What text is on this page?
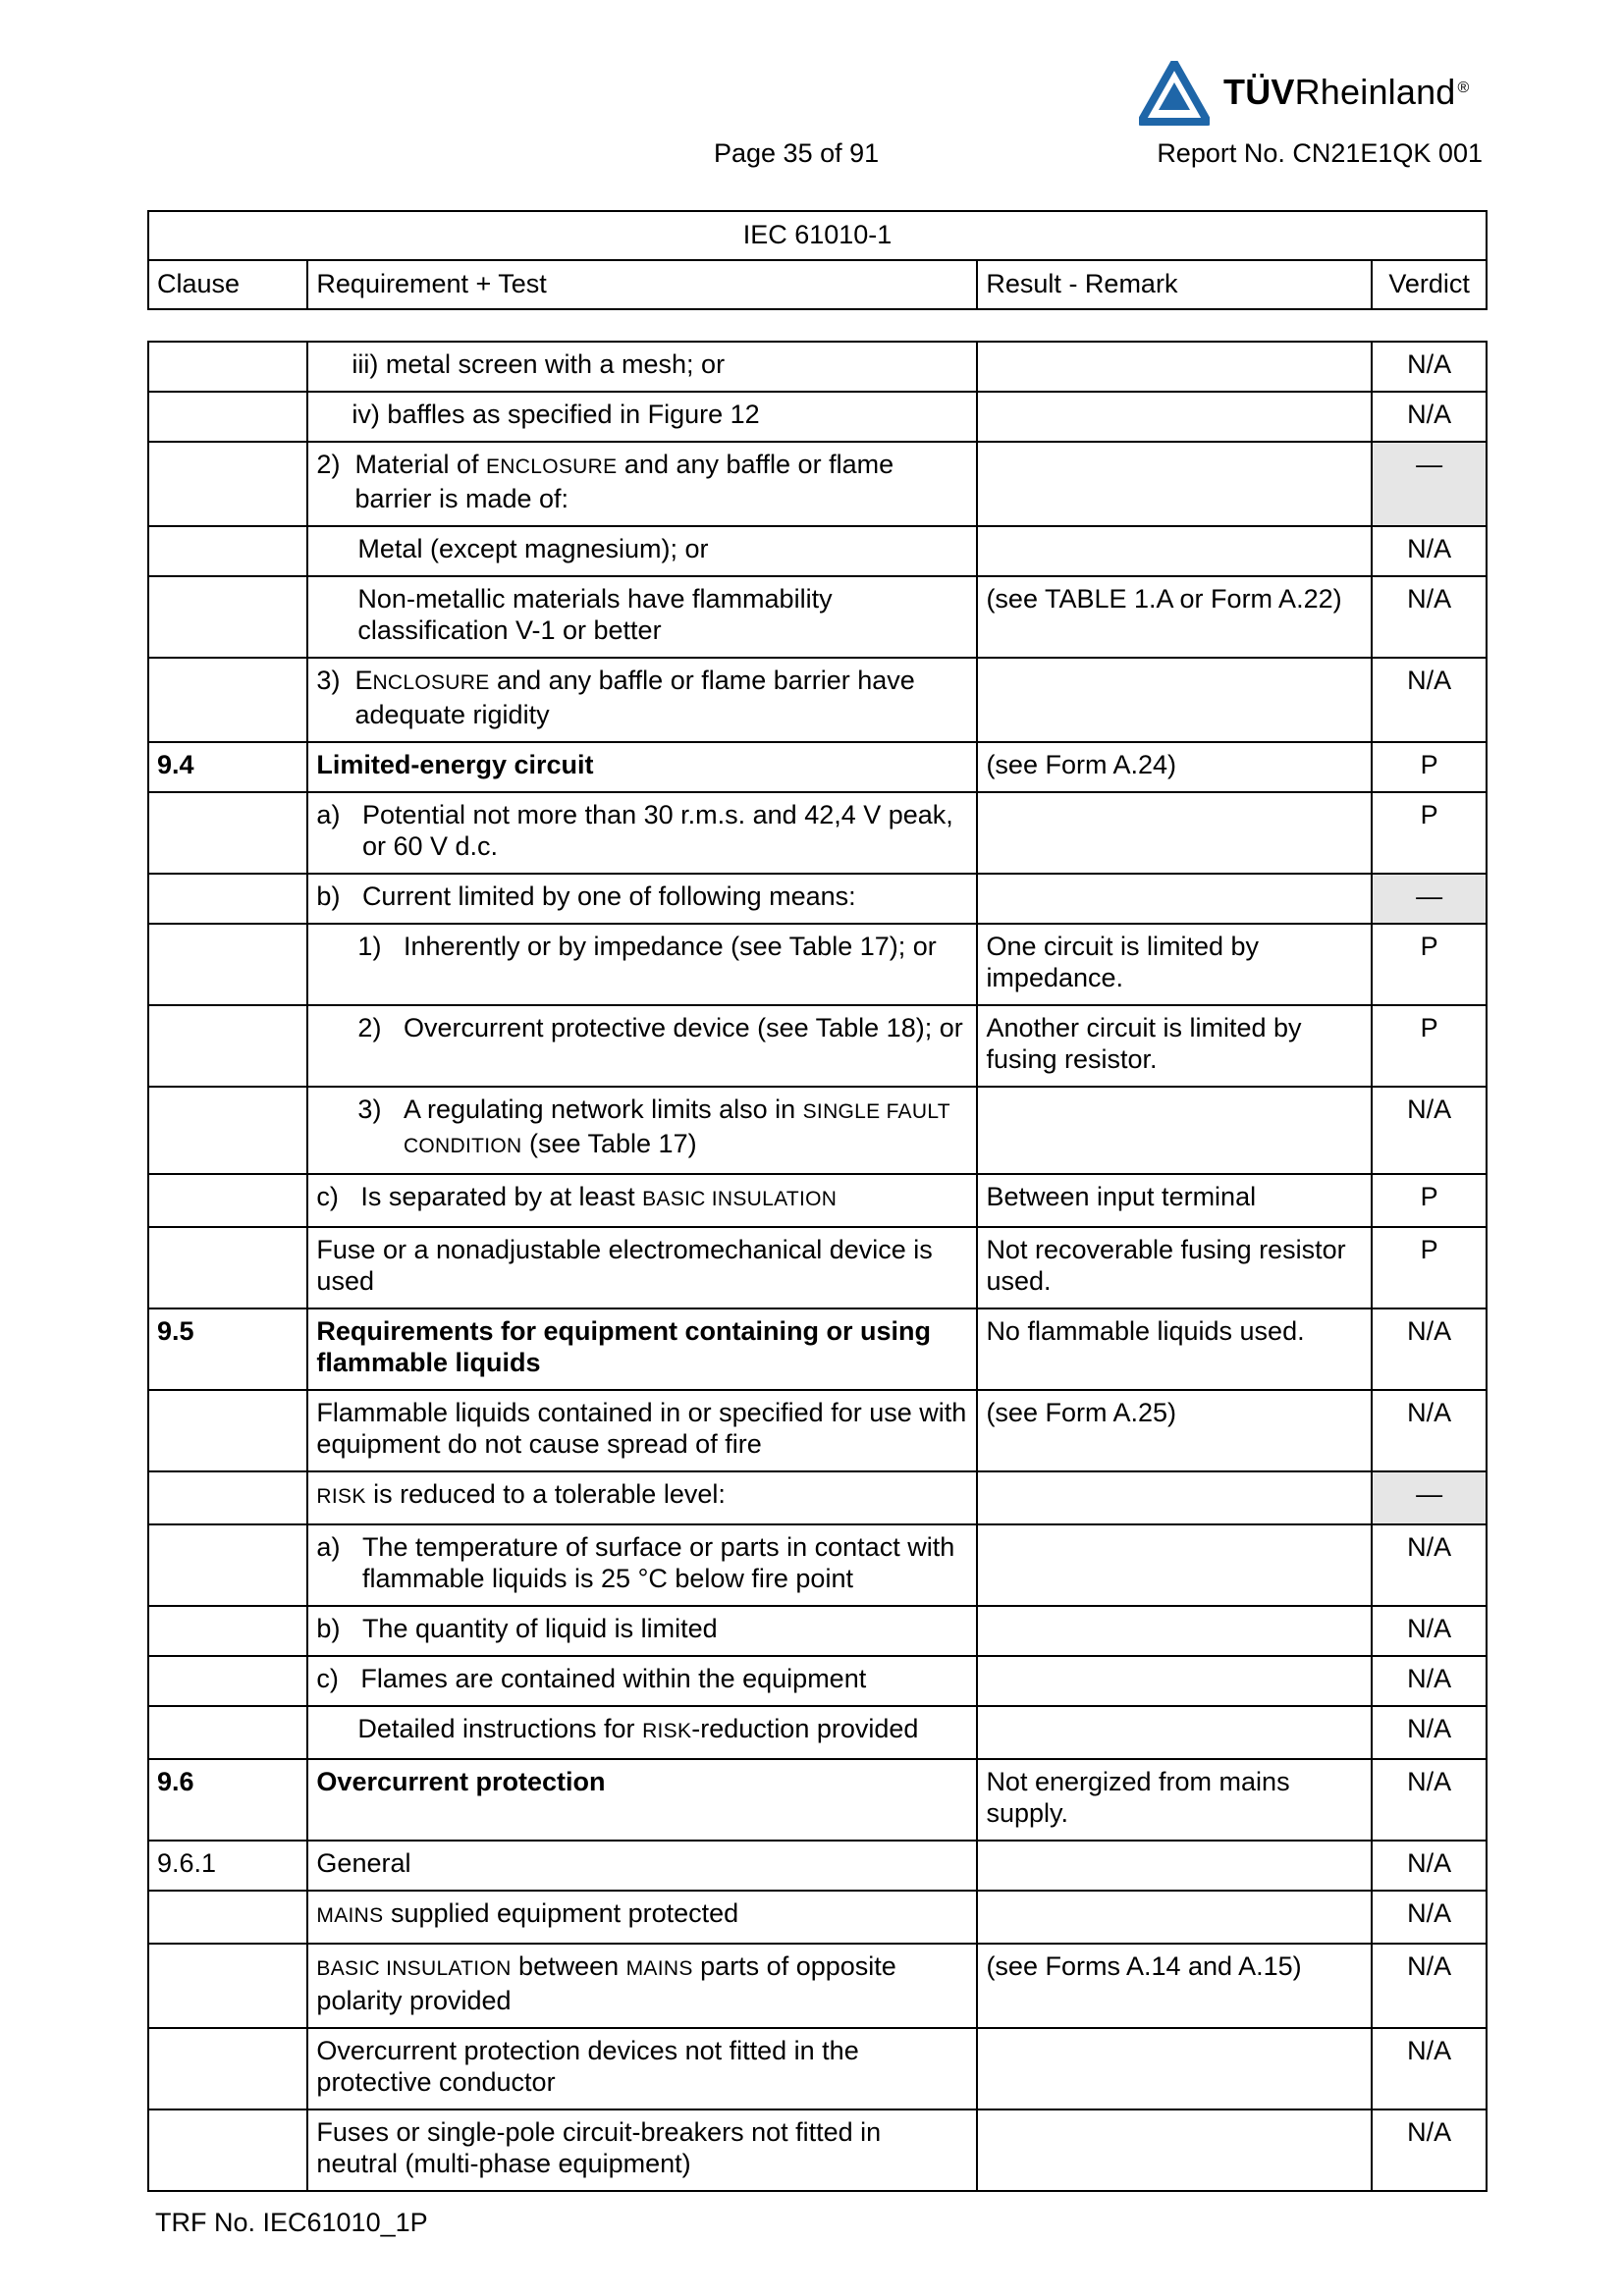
TÜVRheinland ®
Page 35 of 91	Report No. CN21E1QK 001
IEC 61010-1
Clause	Requirement + Test	Result - Remark	Verdict

	iii) metal screen with a mesh; or		N/A

	iv) baffles as specified in Figure 12		N/A

	2) Material of ENCLOSURE and any baffle or flame barrier is made of:		—
	Metal (except magnesium); or		N/A
	Non-metallic materials have flammability classification V-1 or better	(see TABLE 1.A or Form A.22)	N/A

	3) ENCLOSURE and any baffle or flame barrier have adequate rigidity		N/A
9.4	Limited-energy circuit	(see Form A.24)	P

	a) Potential not more than 30 r.m.s. and 42,4 V peak, or 60 V d.c.		P

	b) Current limited by one of following means:		—

	1) Inherently or by impedance (see Table 17); or	One circuit is limited by impedance.	P

	2) Overcurrent protective device (see Table 18); or	Another circuit is limited by fusing resistor.	P

	3) A regulating network limits also in SINGLE FAULT CONDITION (see Table 17)		N/A

	c) Is separated by at least BASIC INSULATION	Between input terminal	P
	Fuse or a nonadjustable electromechanical device is used	Not recoverable fusing resistor used.	P
9.5	Requirements for equipment containing or using flammable liquids	No flammable liquids used.	N/A
	Flammable liquids contained in or specified for use with equipment do not cause spread of fire	(see Form A.25)	N/A
	RISK is reduced to a tolerable level:		—

	a) The temperature of surface or parts in contact with flammable liquids is 25 °C below fire point		N/A

	b) The quantity of liquid is limited		N/A

	c) Flames are contained within the equipment		N/A
	Detailed instructions for RISK-reduction provided		N/A
9.6	Overcurrent protection	Not energized from mains supply.	N/A
9.6.1	General		N/A
	MAINS supplied equipment protected		N/A
	BASIC INSULATION between MAINS parts of opposite polarity provided	(see Forms A.14 and A.15)	N/A
	Overcurrent protection devices not fitted in the protective conductor		N/A
	Fuses or single-pole circuit-breakers not fitted in neutral (multi-phase equipment)		N/A
TRF No. IEC61010_1P
